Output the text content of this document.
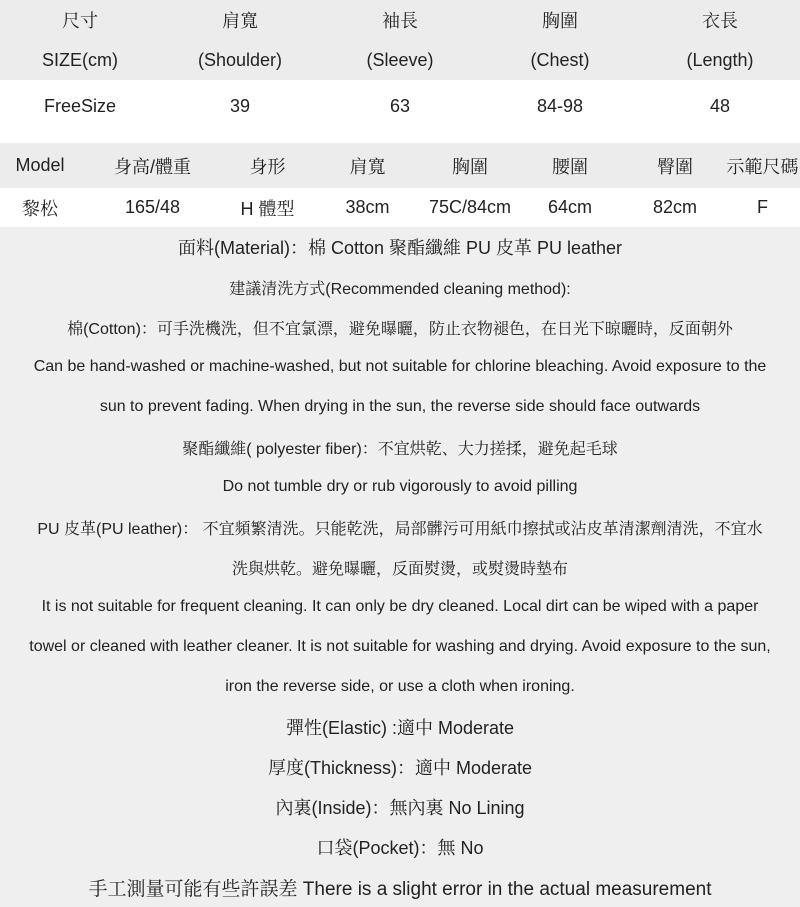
尺寸	肩寬	袖長	胸圍	衣長
SIZE(cm)	(Shoulder)	(Sleeve)	(Chest)	(Length)
FreeSize	39	63	84-98	48
Model	身高/體重	身形	肩寬	胸圍	腰圍	臀圍	示範尺碼
黎松	165/48	H 體型	38cm	75C/84cm	64cm	82cm	F
面料(Material)：棉 Cotton 聚酯纖維 PU 皮革 PU leather
建議清洗方式(Recommended cleaning method):
棉(Cotton)：可手洗機洗，但不宜氯漂，避免曝曬，防止衣物褪色，在日光下晾曬時，反面朝外
Can be hand-washed or machine-washed, but not suitable for chlorine bleaching. Avoid exposure to the
sun to prevent fading. When drying in the sun, the reverse side should face outwards
聚酯纖維( polyester fiber)：不宜烘乾、大力搓揉，避免起毛球
Do not tumble dry or rub vigorously to avoid pilling
PU 皮革(PU leather)： 不宜頻繁清洗。只能乾洗，局部髒污可用紙巾擦拭或沾皮革清潔劑清洗，不宜水
洗與烘乾。避免曝曬，反面熨燙，或熨燙時墊布
It is not suitable for frequent cleaning. It can only be dry cleaned. Local dirt can be wiped with a paper
towel or cleaned with leather cleaner. It is not suitable for washing and drying. Avoid exposure to the sun,
iron the reverse side, or use a cloth when ironing.
彈性(Elastic) :適中 Moderate
厚度(Thickness)：適中 Moderate
內裏(Inside)：無內裏 No Lining
口袋(Pocket)：無 No
手工測量可能有些許誤差 There is a slight error in the actual measurement
